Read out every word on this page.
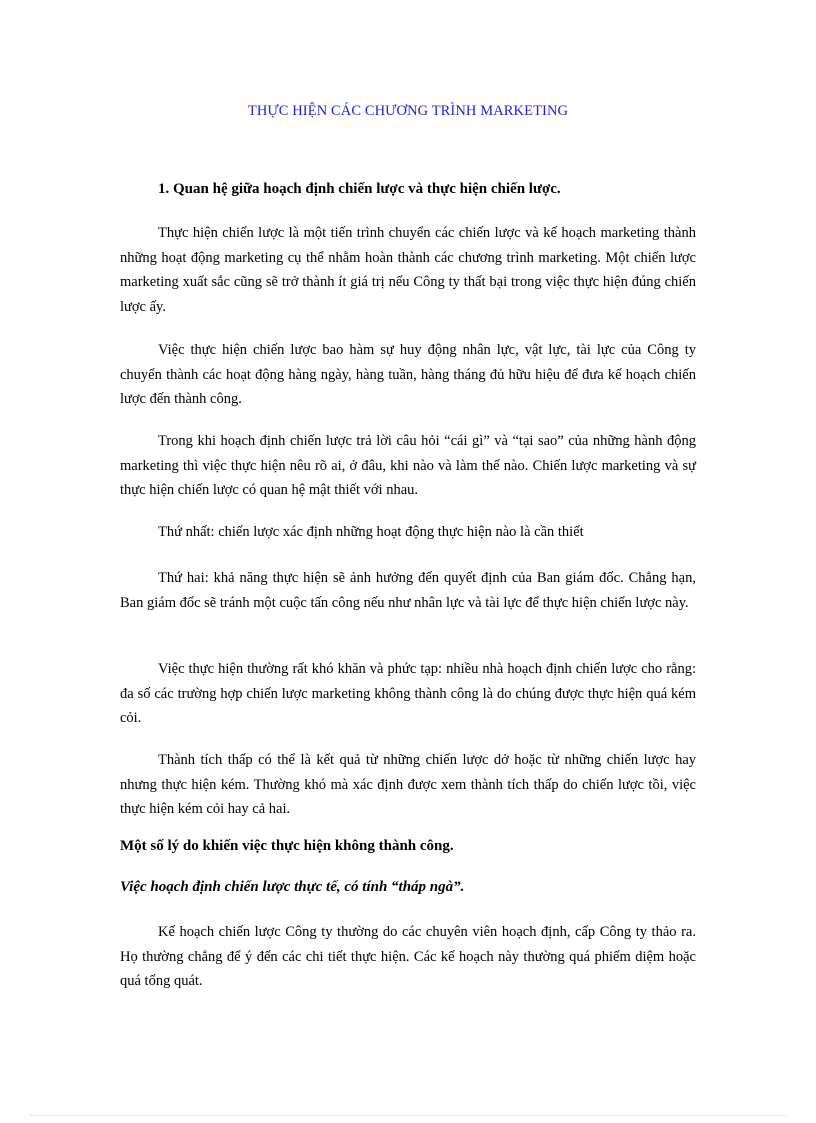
THỰC HIỆN CÁC CHƯƠNG TRÌNH MARKETING
1. Quan hệ giữa hoạch định chiến lược và thực hiện chiến lược.

Thực hiện chiến lược là một tiến trình chuyển các chiến lược và kế hoạch marketing thành những hoạt động marketing cụ thể nhằm hoàn thành các chương trình marketing. Một chiến lược marketing xuất sắc cũng sẽ trở thành ít giá trị nếu Công ty thất bại trong việc thực hiện đúng chiến lược ấy.

Việc thực hiện chiến lược bao hàm sự huy động nhân lực, vật lực, tài lực của Công ty chuyển thành các hoạt động hàng ngày, hàng tuần, hàng tháng đủ hữu hiệu để đưa kế hoạch chiến lược đến thành công.

Trong khi hoạch định chiến lược trả lời câu hỏi “cái gì” và “tại sao” của những hành động marketing thì việc thực hiện nêu rõ ai, ở đâu, khi nào và làm thế nào. Chiến lược marketing và sự thực hiện chiến lược có quan hệ mật thiết với nhau.

Thứ nhất: chiến lược xác định những hoạt động thực hiện nào là cần thiết

Thứ hai: khả năng thực hiện sẽ ảnh hưởng đến quyết định của Ban giám đốc. Chẳng hạn, Ban giám đốc sẽ tránh một cuộc tấn công nếu như nhân lực và tài lực để thực hiện chiến lược này.

Việc thực hiện thường rất khó khăn và phức tạp: nhiều nhà hoạch định chiến lược cho rằng: đa số các trường hợp chiến lược marketing không thành công là do chúng được thực hiện quá kém cỏi.

Thành tích thấp có thể là kết quả từ những chiến lược dở hoặc từ những chiến lược hay nhưng thực hiện kém. Thường khó mà xác định được xem thành tích thấp do chiến lược tồi, việc thực hiện kém cỏi hay cả hai.

Một số lý do khiến việc thực hiện không thành công.
Việc hoạch định chiến lược thực tế, có tính “tháp ngà”.

Kế hoạch chiến lược Công ty thường do các chuyên viên hoạch định, cấp Công ty thảo ra. Họ thường chẳng để ý đến các chi tiết thực hiện. Các kế hoạch này thường quá phiếm diệm hoặc quá tổng quát.
